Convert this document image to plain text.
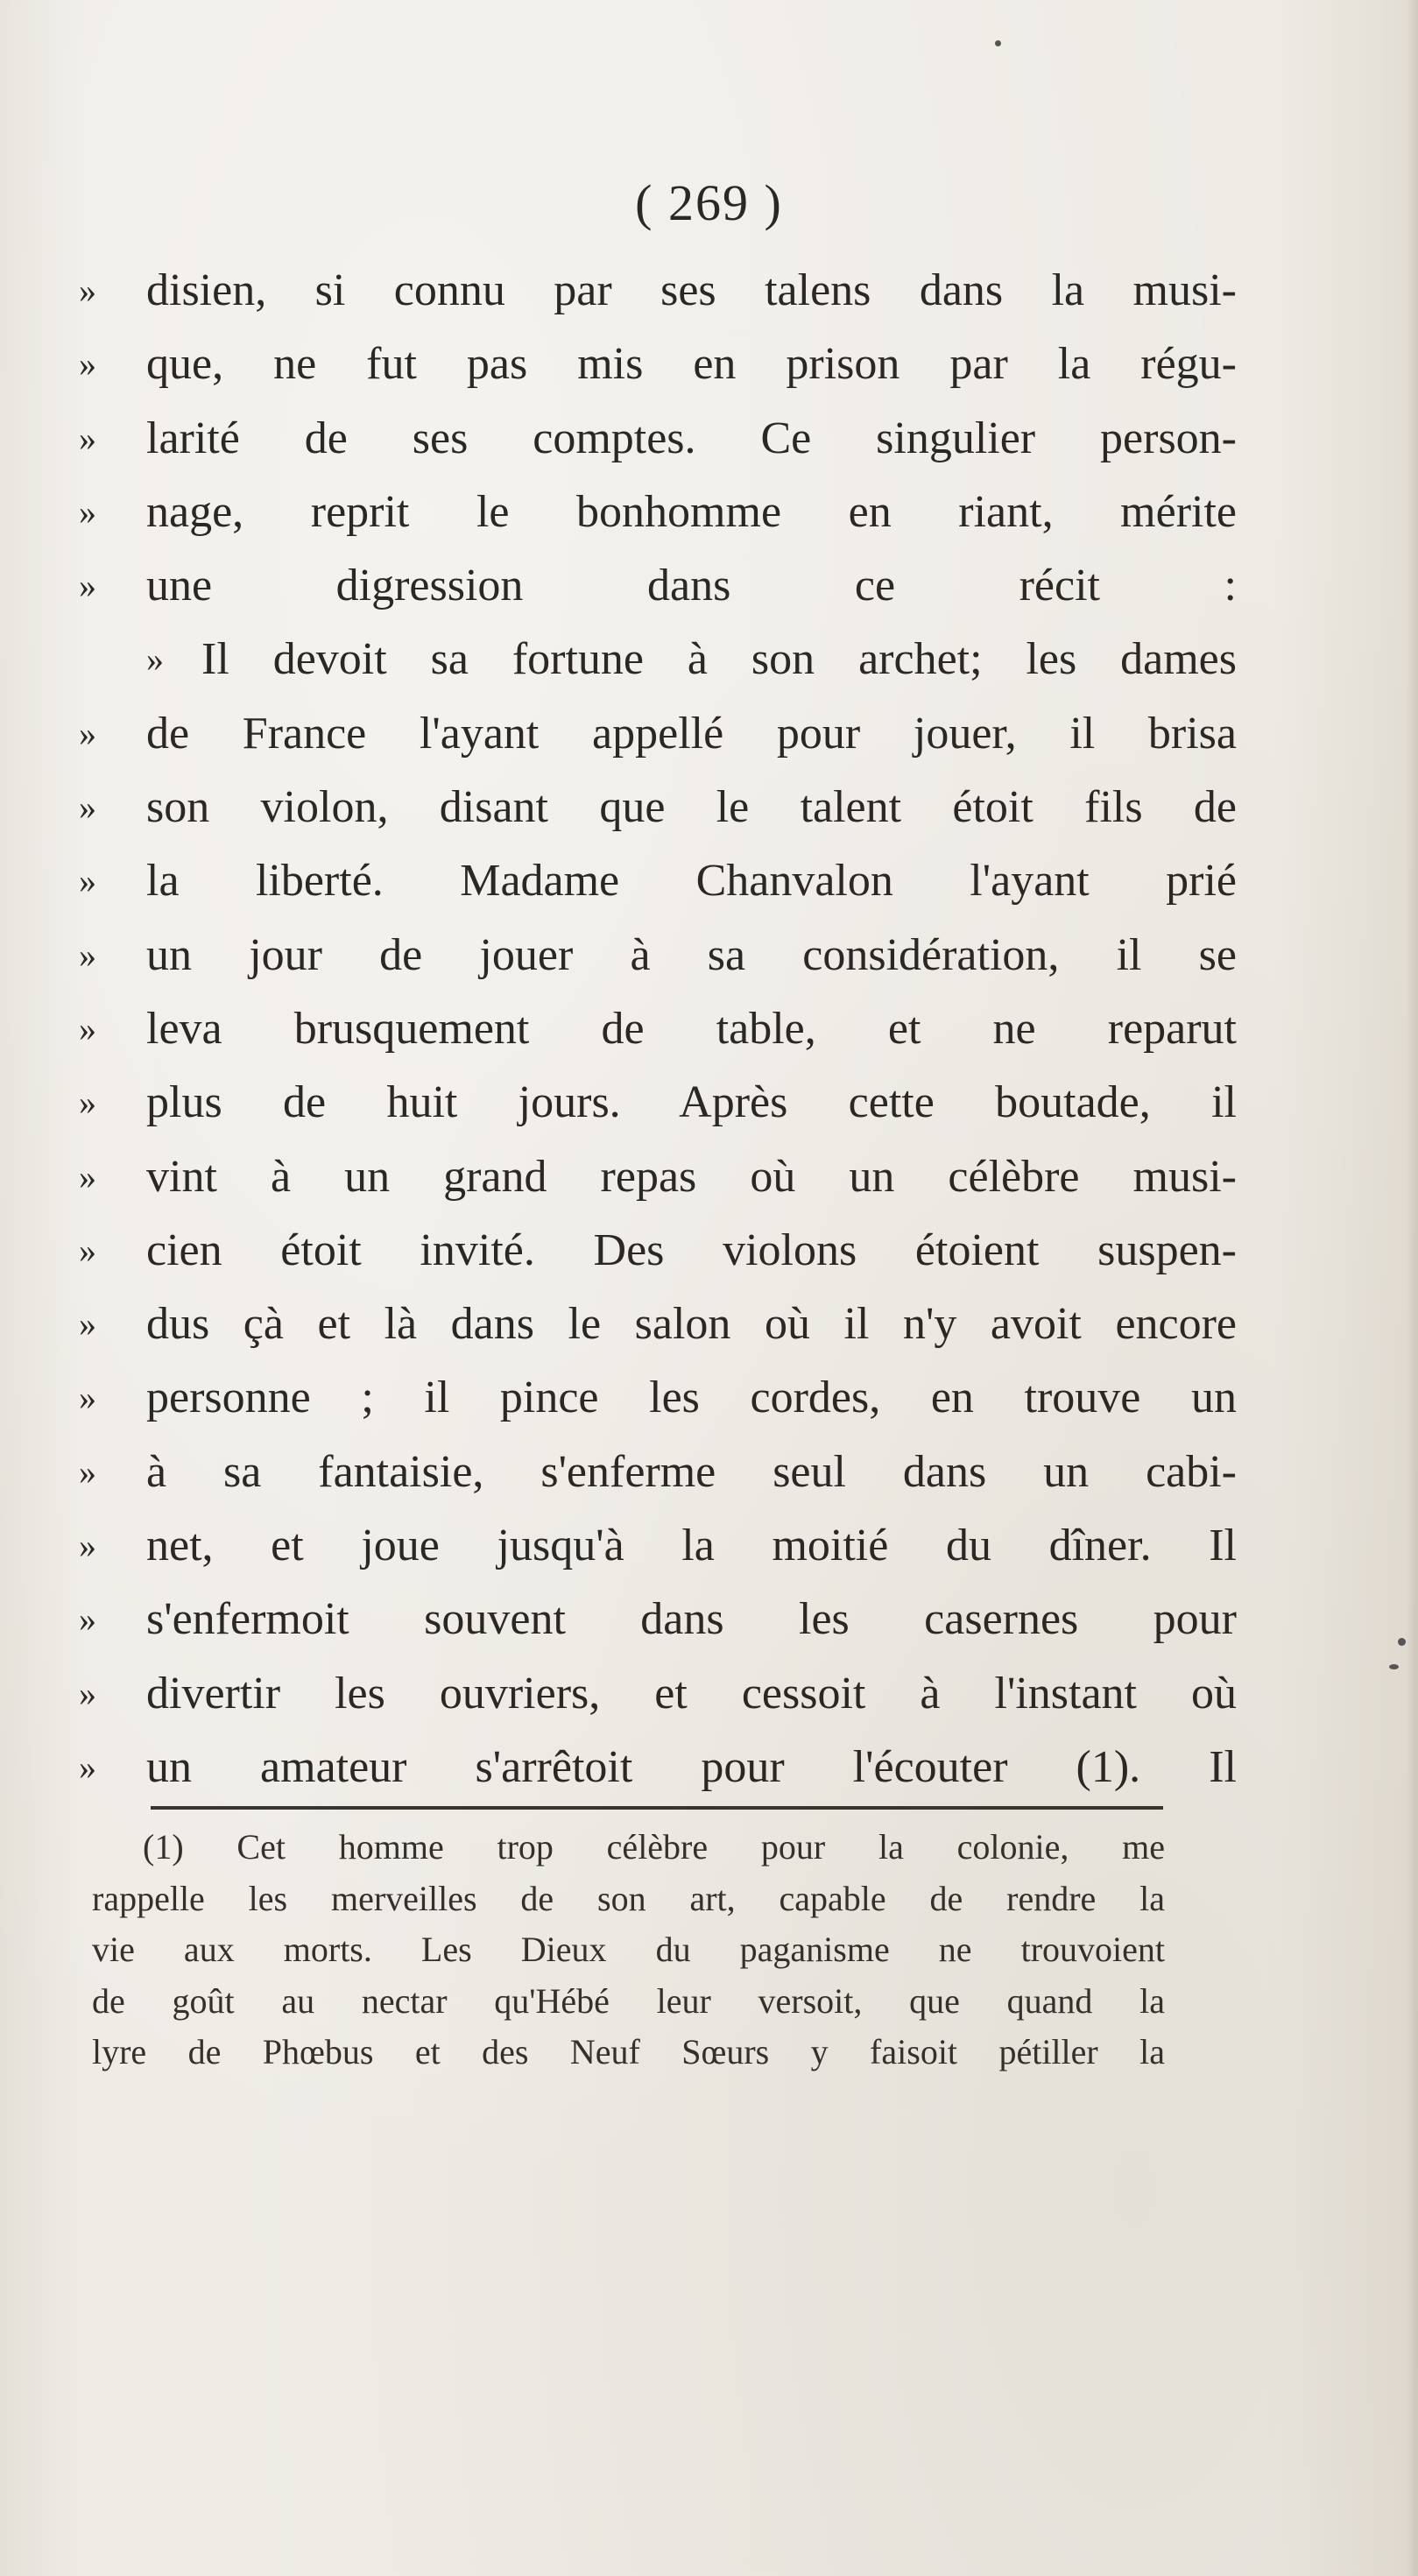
( 269 )
»	disien, si connu par ses talens dans la musi-
»	que, ne fut pas mis en prison par la régu-
»	larité de ses comptes. Ce singulier person-
»	nage, reprit le bonhomme en riant, mérite
»	une digression dans ce récit :
» Il devoit sa fortune à son archet; les dames
»	de France l'ayant appellé pour jouer, il brisa
»	son violon, disant que le talent étoit fils de
»	la liberté. Madame Chanvalon l'ayant prié
»	un jour de jouer à sa considération, il se
»	leva brusquement de table, et ne reparut
»	plus de huit jours. Après cette boutade, il
»	vint à un grand repas où un célèbre musi-
»	cien étoit invité. Des violons étoient suspen-
»	dus çà et là dans le salon où il n'y avoit encore
»	personne ; il pince les cordes, en trouve un
»	à sa fantaisie, s'enferme seul dans un cabi-
»	net, et joue jusqu'à la moitié du dîner. Il
»	s'enfermoit souvent dans les casernes pour
»	divertir les ouvriers, et cessoit à l'instant où
»	un amateur s'arrêtoit pour l'écouter (1). Il
(1) Cet homme trop célèbre pour la colonie, me
rappelle les merveilles de son art, capable de rendre la
vie aux morts. Les Dieux du paganisme ne trouvoient
de goût au nectar qu'Hébé leur versoit, que quand la
lyre de Phœbus et des Neuf Sœurs y faisoit pétiller la
